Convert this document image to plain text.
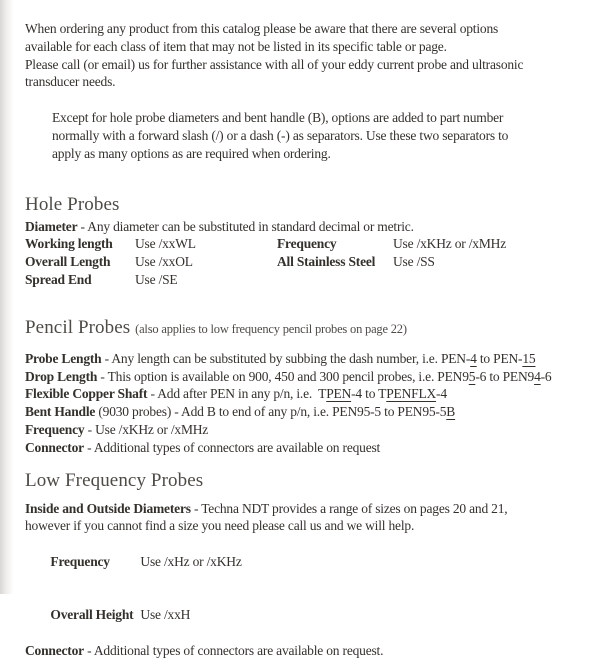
When ordering any product from this catalog please be aware that there are several options
available for each class of item that may not be listed in its specific table or page.
Please call (or email) us for further assistance with all of your eddy current probe and ultrasonic
transducer needs.
Except for hole probe diameters and bent handle (B), options are added to part number
normally with a forward slash (/) or a dash (-) as separators. Use these two separators to
apply as many options as are required when ordering.
Hole Probes
Diameter - Any diameter can be substituted in standard decimal or metric.
Working length	Use /xxWL	Frequency	Use /xKHz or /xMHz
Overall Length	Use /xxOL	All Stainless Steel	Use /SS
Spread End	Use /SE
Pencil Probes (also applies to low frequency pencil probes on page 22)
Probe Length - Any length can be substituted by subbing the dash number, i.e. PEN-4 to PEN-15
Drop Length - This option is available on 900, 450 and 300 pencil probes, i.e. PEN95-6 to PEN94-6
Flexible Copper Shaft - Add after PEN in any p/n, i.e.  TPEN-4 to TPENFLX-4
Bent Handle (9030 probes) - Add B to end of any p/n, i.e. PEN95-5 to PEN95-5B
Frequency - Use /xKHz or /xMHz
Connector - Additional types of connectors are available on request
Low Frequency Probes
Inside and Outside Diameters - Techna NDT provides a range of sizes on pages 20 and 21,
however if you cannot find a size you need please call us and we will help.

Frequency Use /xHz or /xKHz

Overall Height Use /xxH

Connector - Additional types of connectors are available on request.
